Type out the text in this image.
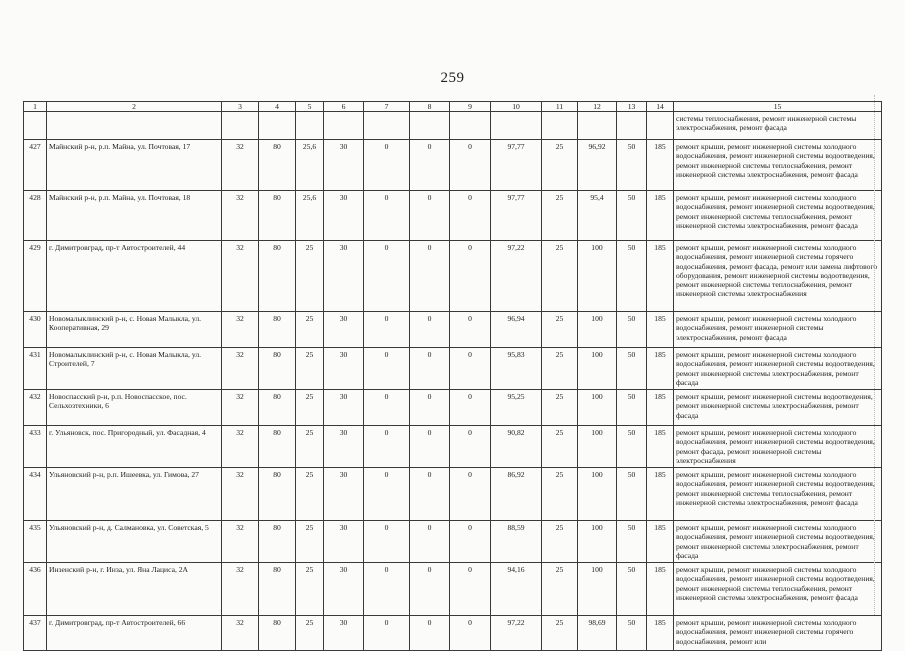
259
1	2	3	4	5	6	7	8	9	10	11	12	13	14	15
														системы теплоснабжения, ремонт инженерной системы электроснабжения, ремонт фасада
427	Майнский р-н, р.п. Майна, ул. Почтовая, 17	32	80	25,6	30	0	0	0	97,77	25	96,92	50	185	ремонт крыши, ремонт инженерной системы холодного водоснабжения, ремонт инженерной системы водоотведения, ремонт инженерной системы теплоснабжения, ремонт инженерной системы электроснабжения, ремонт фасада
428	Майнский р-н, р.п. Майна, ул. Почтовая, 18	32	80	25,6	30	0	0	0	97,77	25	95,4	50	185	ремонт крыши, ремонт инженерной системы холодного водоснабжения, ремонт инженерной системы водоотведения, ремонт инженерной системы теплоснабжения, ремонт инженерной системы электроснабжения, ремонт фасада
429	г. Димитровград, пр-т Автостроителей, 44	32	80	25	30	0	0	0	97,22	25	100	50	185	ремонт крыши, ремонт инженерной системы холодного водоснабжения, ремонт инженерной системы горячего водоснабжения, ремонт фасада, ремонт или замена лифтового оборудования, ремонт инженерной системы водоотведения, ремонт инженерной системы теплоснабжения, ремонт инженерной системы электроснабжения
430	Новомалыклинский р-н, с. Новая Малыкла, ул. Кооперативная, 29	32	80	25	30	0	0	0	96,94	25	100	50	185	ремонт крыши, ремонт инженерной системы холодного водоснабжения, ремонт инженерной системы электроснабжения, ремонт фасада
431	Новомалыклинский р-н, с. Новая Малыкла, ул. Строителей, 7	32	80	25	30	0	0	0	95,83	25	100	50	185	ремонт крыши, ремонт инженерной системы холодного водоснабжения, ремонт инженерной системы водоотведения, ремонт инженерной системы электроснабжения, ремонт фасада
432	Новоспасский р-н, р.п. Новоспасское, пос. Сельхозтехники, 6	32	80	25	30	0	0	0	95,25	25	100	50	185	ремонт крыши, ремонт инженерной системы водоотведения, ремонт инженерной системы электроснабжения, ремонт фасада
433	г. Ульяновск, пос. Пригородный, ул. Фасадная, 4	32	80	25	30	0	0	0	90,82	25	100	50	185	ремонт крыши, ремонт инженерной системы холодного водоснабжения, ремонт инженерной системы водоотведения, ремонт фасада, ремонт инженерной системы электроснабжения
434	Ульяновский р-н, р.п. Ишеевка, ул. Гимова, 27	32	80	25	30	0	0	0	86,92	25	100	50	185	ремонт крыши, ремонт инженерной системы холодного водоснабжения, ремонт инженерной системы водоотведения, ремонт инженерной системы теплоснабжения, ремонт инженерной системы электроснабжения, ремонт фасада
435	Ульяновский р-н, д. Салмановка, ул. Советская, 5	32	80	25	30	0	0	0	88,59	25	100	50	185	ремонт крыши, ремонт инженерной системы холодного водоснабжения, ремонт инженерной системы водоотведения, ремонт инженерной системы электроснабжения, ремонт фасада
436	Инзенский р-н, г. Инза, ул. Яна Лациса, 2А	32	80	25	30	0	0	0	94,16	25	100	50	185	ремонт крыши, ремонт инженерной системы холодного водоснабжения, ремонт инженерной системы водоотведения, ремонт инженерной системы теплоснабжения, ремонт инженерной системы электроснабжения, ремонт фасада
437	г. Димитровград, пр-т Автостроителей, 66	32	80	25	30	0	0	0	97,22	25	98,69	50	185	ремонт крыши, ремонт инженерной системы холодного водоснабжения, ремонт инженерной системы горячего водоснабжения, ремонт или
